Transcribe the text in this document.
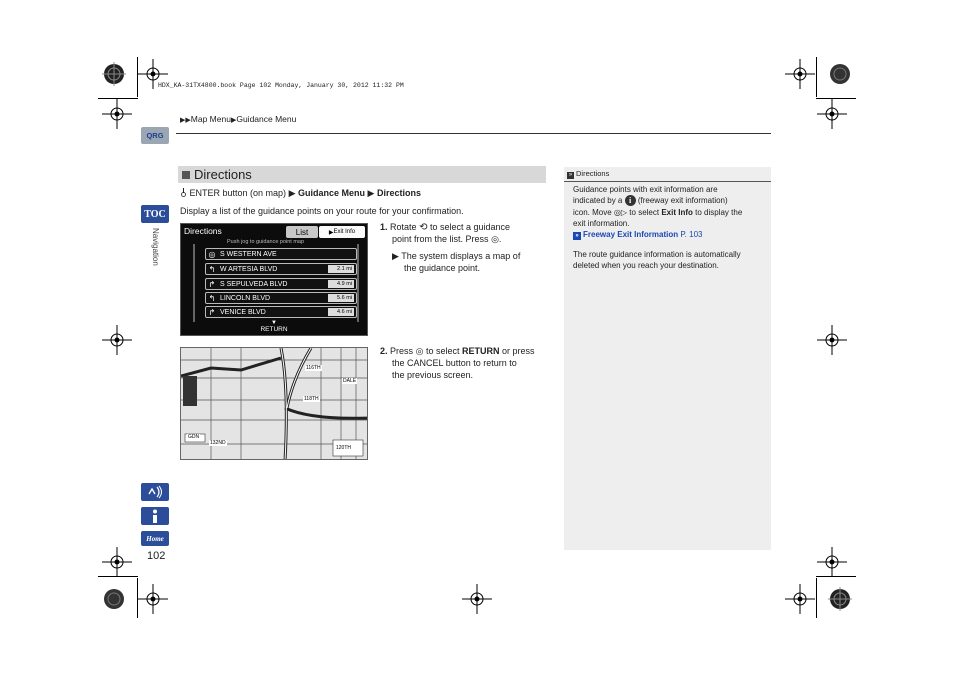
HDX_KA-31TX4800.book Page 102 Monday, January 30, 2012 11:32 PM
▶▶Map Menu▶Guidance Menu
QRG
TOC
Navigation
Home
102
Directions
ENTER button (on map) ▶ Guidance Menu ▶ Directions
Display a list of the guidance points on your route for your confirmation.
Directions	List	▶ Exit Info
Push jog to guidance point map
◎ S WESTERN AVE
↰ W ARTESIA BLVD	2.1 mi
↱ S SEPULVEDA BLVD	4.9 mi
↰ LINCOLN BLVD	5.6 mi
↱ VENICE BLVD	4.6 mi
▼
RETURN
116TH
118TH
120TH
132ND
DALE
GDN
1. Rotate ⟲ to select a guidance
point from the list. Press ◎.
▶ The system displays a map of
the guidance point.
2. Press ◎ to select RETURN or press
the CANCEL button to return to
the previous screen.
» Directions
Guidance points with exit information are
indicated by a i (freeway exit information)
icon. Move ◎▷ to select Exit Info to display the
exit information.
» Freeway Exit Information P. 103
The route guidance information is automatically
deleted when you reach your destination.
